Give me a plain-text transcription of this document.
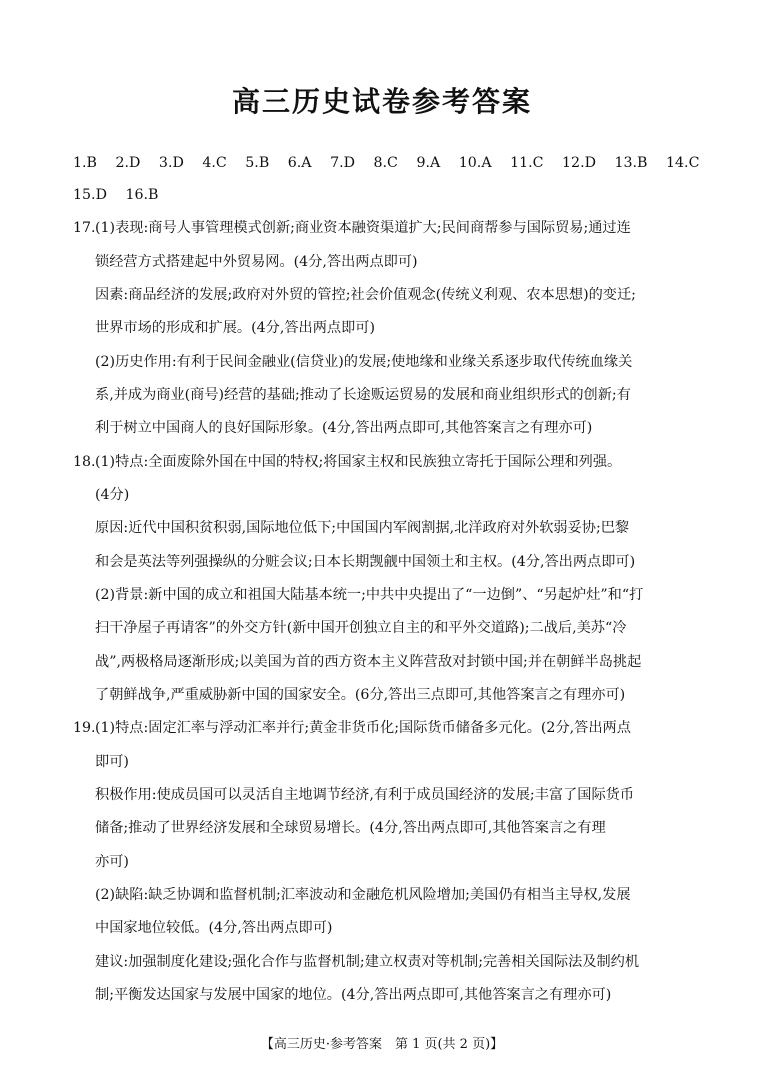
高三历史试卷参考答案
1.B 2.D 3.D 4.C 5.B 6.A 7.D 8.C 9.A 10.A 11.C 12.D 13.B 14.C
15.D 16.B
17.(1)表现:商号人事管理模式创新;商业资本融资渠道扩大;民间商帮参与国际贸易;通过连
锁经营方式搭建起中外贸易网。(4分,答出两点即可)
因素:商品经济的发展;政府对外贸的管控;社会价值观念(传统义利观、农本思想)的变迁;
世界市场的形成和扩展。(4分,答出两点即可)
(2)历史作用:有利于民间金融业(信贷业)的发展;使地缘和业缘关系逐步取代传统血缘关
系,并成为商业(商号)经营的基础;推动了长途贩运贸易的发展和商业组织形式的创新;有
利于树立中国商人的良好国际形象。(4分,答出两点即可,其他答案言之有理亦可)
18.(1)特点:全面废除外国在中国的特权;将国家主权和民族独立寄托于国际公理和列强。
(4分)
原因:近代中国积贫积弱,国际地位低下;中国国内军阀割据,北洋政府对外软弱妥协;巴黎
和会是英法等列强操纵的分赃会议;日本长期觊觎中国领土和主权。(4分,答出两点即可)
(2)背景:新中国的成立和祖国大陆基本统一;中共中央提出了“一边倒”、“另起炉灶”和“打
扫干净屋子再请客”的外交方针(新中国开创独立自主的和平外交道路);二战后,美苏“冷
战”,两极格局逐渐形成;以美国为首的西方资本主义阵营敌对封锁中国;并在朝鲜半岛挑起
了朝鲜战争,严重威胁新中国的国家安全。(6分,答出三点即可,其他答案言之有理亦可)
19.(1)特点:固定汇率与浮动汇率并行;黄金非货币化;国际货币储备多元化。(2分,答出两点
即可)
积极作用:使成员国可以灵活自主地调节经济,有利于成员国经济的发展;丰富了国际货币
储备;推动了世界经济发展和全球贸易增长。(4分,答出两点即可,其他答案言之有理
亦可)
(2)缺陷:缺乏协调和监督机制;汇率波动和金融危机风险增加;美国仍有相当主导权,发展
中国家地位较低。(4分,答出两点即可)
建议:加强制度化建设;强化合作与监督机制;建立权责对等机制;完善相关国际法及制约机
制;平衡发达国家与发展中国家的地位。(4分,答出两点即可,其他答案言之有理亦可)
【高三历史·参考答案　第 1 页(共 2 页)】
